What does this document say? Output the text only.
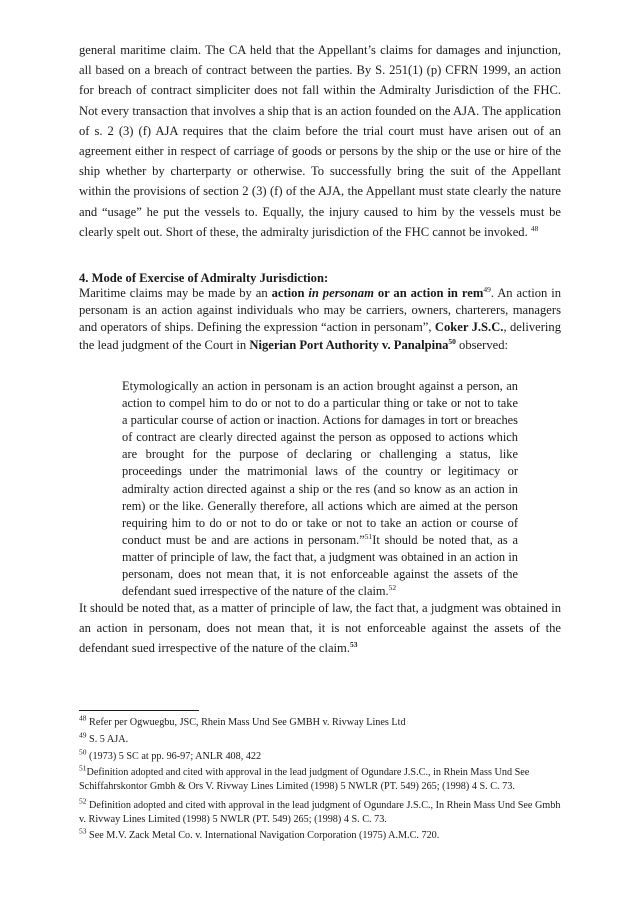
general maritime claim. The CA held that the Appellant’s claims for damages and injunction, all based on a breach of contract between the parties. By S. 251(1) (p) CFRN 1999, an action for breach of contract simpliciter does not fall within the Admiralty Jurisdiction of the FHC. Not every transaction that involves a ship that is an action founded on the AJA. The application of s. 2 (3) (f) AJA requires that the claim before the trial court must have arisen out of an agreement either in respect of carriage of goods or persons by the ship or the use or hire of the ship whether by charterparty or otherwise. To successfully bring the suit of the Appellant within the provisions of section 2 (3) (f) of the AJA, the Appellant must state clearly the nature and “usage” he put the vessels to. Equally, the injury caused to him by the vessels must be clearly spelt out. Short of these, the admiralty jurisdiction of the FHC cannot be invoked. $^{48}$

4. Mode of Exercise of Admiralty Jurisdiction:

Maritime claims may be made by an action in personam or an action in rem$^{49}$. An action in personam is an action against individuals who may be carriers, owners, charterers, managers and operators of ships. Defining the expression “action in personam”, Coker J.S.C., delivering the lead judgment of the Court in Nigerian Port Authority v. Panalpina$^{50}$ observed:

Etymologically an action in personam is an action brought against a person, an action to compel him to do or not to do a particular thing or take or not to take a particular course of action or inaction. Actions for damages in tort or breaches of contract are clearly directed against the person as opposed to actions which are brought for the purpose of declaring or challenging a status, like proceedings under the matrimonial laws of the country or legitimacy or admiralty action directed against a ship or the res (and so know as an action in rem) or the like. Generally therefore, all actions which are aimed at the person requiring him to do or not to do or take or not to take an action or course of conduct must be and are actions in personam.”$^{51}$It should be noted that, as a matter of principle of law, the fact that, a judgment was obtained in an action in personam, does not mean that, it is not enforceable against the assets of the defendant sued irrespective of the nature of the claim.$^{52}$

It should be noted that, as a matter of principle of law, the fact that, a judgment was obtained in an action in personam, does not mean that, it is not enforceable against the assets of the defendant sued irrespective of the nature of the claim.$^{53}$

$^{48}$ Refer per Ogwuegbu, JSC, Rhein Mass Und See GMBH v. Rivway Lines Ltd

$^{49}$ S. 5 AJA.

$^{50}$ (1973) 5 SC at pp. 96-97; ANLR 408, 422

$^{51}$Definition adopted and cited with approval in the lead judgment of Ogundare J.S.C., in Rhein Mass Und See Schiffahrskontor Gmbh & Ors V. Rivway Lines Limited (1998) 5 NWLR (PT. 549) 265; (1998) 4 S. C. 73.

$^{52}$ Definition adopted and cited with approval in the lead judgment of Ogundare J.S.C., In Rhein Mass Und See Gmbh v. Rivway Lines Limited (1998) 5 NWLR (PT. 549) 265; (1998) 4 S. C. 73.

$^{53}$ See M.V. Zack Metal Co. v. International Navigation Corporation (1975) A.M.C. 720.
